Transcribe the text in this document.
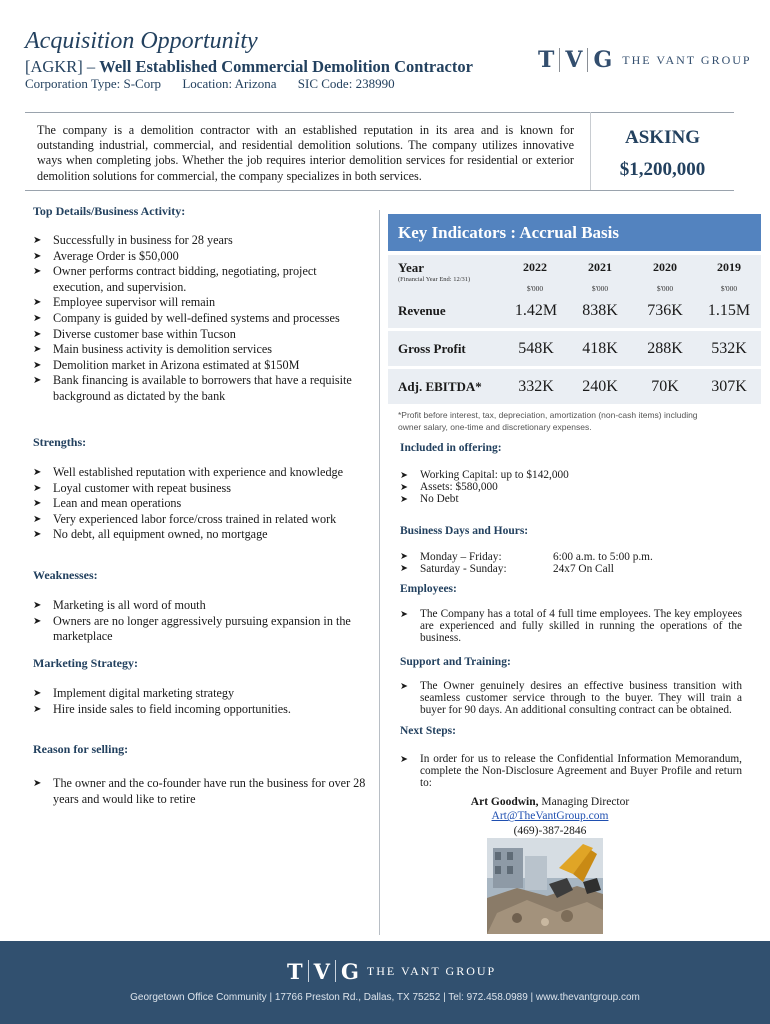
Acquisition Opportunity
[AGKR] – Well Established Commercial Demolition Contractor
Corporation Type: S-Corp Location: Arizona SIC Code: 238990
T V G THE VANT GROUP
The company is a demolition contractor with an established reputation in its area and is known for outstanding industrial, commercial, and residential demolition solutions. The company utilizes innovative ways when completing jobs. Whether the job requires interior demolition services for residential or exterior demolition solutions for commercial, the company specializes in both services.
ASKING
$1,200,000
Top Details/Business Activity:
➤ Successfully in business for 28 years
➤ Average Order is $50,000
➤ Owner performs contract bidding, negotiating, project execution, and supervision.
➤ Employee supervisor will remain
➤ Company is guided by well-defined systems and processes
➤ Diverse customer base within Tucson
➤ Main business activity is demolition services
➤ Demolition market in Arizona estimated at $150M
➤ Bank financing is available to borrowers that have a requisite background as dictated by the bank
Strengths:
➤ Well established reputation with experience and knowledge
➤ Loyal customer with repeat business
➤ Lean and mean operations
➤ Very experienced labor force/cross trained in related work
➤ No debt, all equipment owned, no mortgage
Weaknesses:
➤ Marketing is all word of mouth
➤ Owners are no longer aggressively pursuing expansion in the marketplace
Marketing Strategy:
➤ Implement digital marketing strategy
➤ Hire inside sales to field incoming opportunities.
Reason for selling:
➤ The owner and the co-founder have run the business for over 28 years and would like to retire
Key Indicators : Accrual Basis
Year
(Financial Year End: 12/31)
2022	2021	2020	2019
$'000	$'000	$'000	$'000
Revenue	1.42M	838K	736K	1.15M
Gross Profit	548K	418K	288K	532K
Adj. EBITDA*	332K	240K	70K	307K
*Profit before interest, tax, depreciation, amortization (non-cash items) including owner salary, one-time and discretionary expenses.
Included in offering:
➤ Working Capital: up to $142,000
➤ Assets: $580,000
➤ No Debt
Business Days and Hours:
➤ Monday – Friday:	6:00 a.m. to 5:00 p.m.
➤ Saturday - Sunday:	24x7 On Call
Employees:
➤ The Company has a total of 4 full time employees. The key employees are experienced and fully skilled in running the operations of the business.
Support and Training:
➤ The Owner genuinely desires an effective business transition with seamless customer service through to the buyer. They will train a buyer for 90 days. An additional consulting contract can be obtained.
Next Steps:
➤ In order for us to release the Confidential Information Memorandum, complete the Non-Disclosure Agreement and Buyer Profile and return to:
Art Goodwin, Managing Director
Art@TheVantGroup.com
(469)-387-2846
T V G THE VANT GROUP
Georgetown Office Community | 17766 Preston Rd., Dallas, TX 75252 | Tel: 972.458.0989 | www.thevantgroup.com
